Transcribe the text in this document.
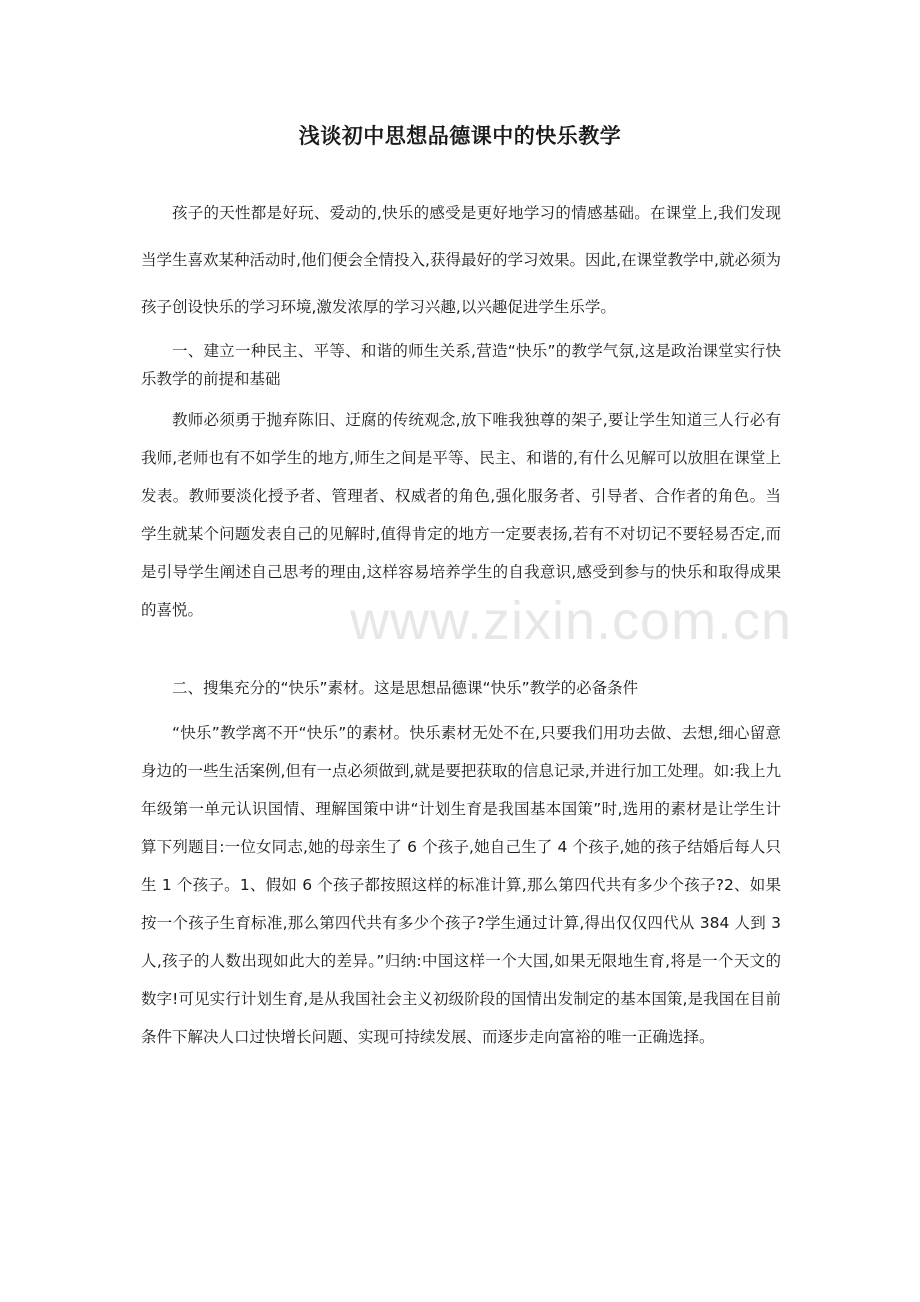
浅谈初中思想品德课中的快乐教学

孩子的天性都是好玩、爱动的,快乐的感受是更好地学习的情感基础。在课堂上,我们发现当学生喜欢某种活动时,他们便会全情投入,获得最好的学习效果。因此,在课堂教学中,就必须为孩子创设快乐的学习环境,激发浓厚的学习兴趣,以兴趣促进学生乐学。

一、建立一种民主、平等、和谐的师生关系,营造“快乐”的教学气氛,这是政治课堂实行快乐教学的前提和基础

教师必须勇于抛弃陈旧、迂腐的传统观念,放下唯我独尊的架子,要让学生知道三人行必有我师,老师也有不如学生的地方,师生之间是平等、民主、和谐的,有什么见解可以放胆在课堂上发表。教师要淡化授予者、管理者、权威者的角色,强化服务者、引导者、合作者的角色。当学生就某个问题发表自己的见解时,值得肯定的地方一定要表扬,若有不对切记不要轻易否定,而是引导学生阐述自己思考的理由,这样容易培养学生的自我意识,感受到参与的快乐和取得成果的喜悦。

二、搜集充分的“快乐”素材。这是思想品德课“快乐”教学的必备条件

“快乐”教学离不开“快乐”的素材。快乐素材无处不在,只要我们用功去做、去想,细心留意身边的一些生活案例,但有一点必须做到,就是要把获取的信息记录,并进行加工处理。如:我上九年级第一单元认识国情、理解国策中讲“计划生育是我国基本国策”时,选用的素材是让学生计算下列题目:一位女同志,她的母亲生了 6 个孩子,她自己生了 4 个孩子,她的孩子结婚后每人只生 1 个孩子。1、假如 6 个孩子都按照这样的标准计算,那么第四代共有多少个孩子?2、如果按一个孩子生育标准,那么第四代共有多少个孩子?学生通过计算,得出仅仅四代从 384 人到 3 人,孩子的人数出现如此大的差异。”归纳:中国这样一个大国,如果无限地生育,将是一个天文的数字!可见实行计划生育,是从我国社会主义初级阶段的国情出发制定的基本国策,是我国在目前条件下解决人口过快增长问题、实现可持续发展、而逐步走向富裕的唯一正确选择。

www.zixin.com.cn
